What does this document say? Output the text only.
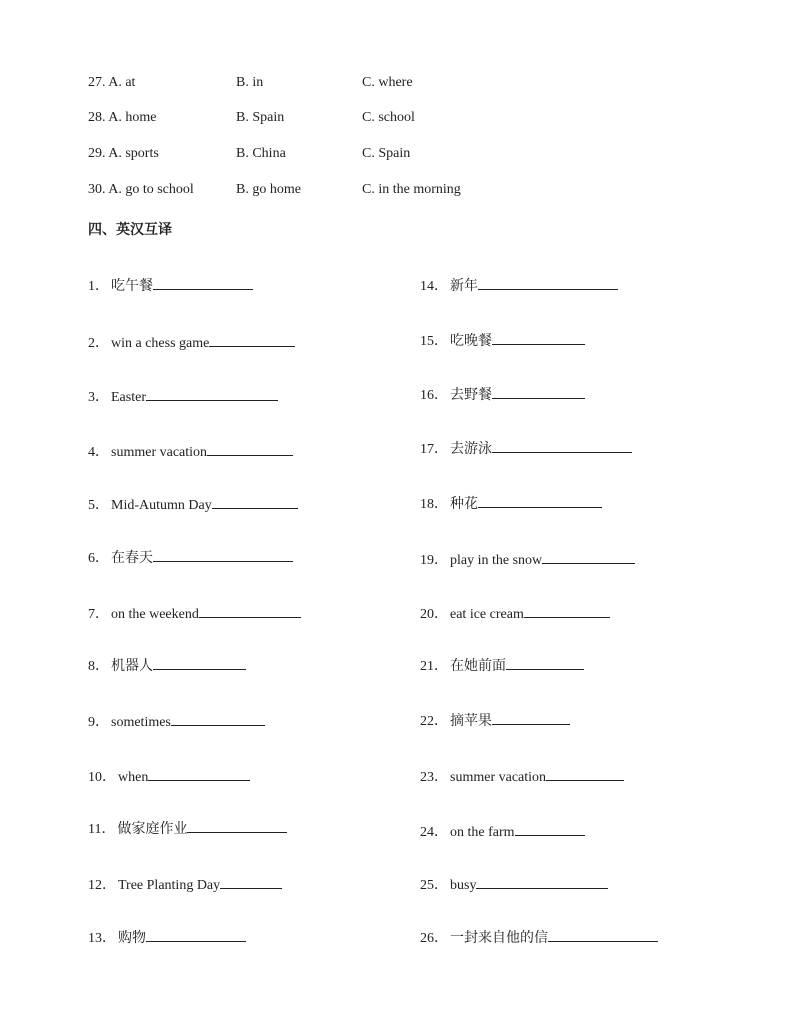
27. A. at	B. in	C. where
28. A. home	B. Spain	C. school
29. A. sports	B. China	C. Spain
30. A. go to school	B. go home	C. in the morning
四、英汉互译
1． 吃午餐
2． win a chess game
3． Easter
4． summer vacation
5． Mid-Autumn Day
6． 在春天
7． on the weekend
8． 机器人
9． sometimes
10． when
11． 做家庭作业
12． Tree Planting Day
13． 购物
14． 新年
15． 吃晚餐
16． 去野餐
17． 去游泳
18． 种花
19． play in the snow
20． eat ice cream
21． 在她前面
22． 摘苹果
23． summer vacation
24． on the farm
25． busy
26． 一封来自他的信
